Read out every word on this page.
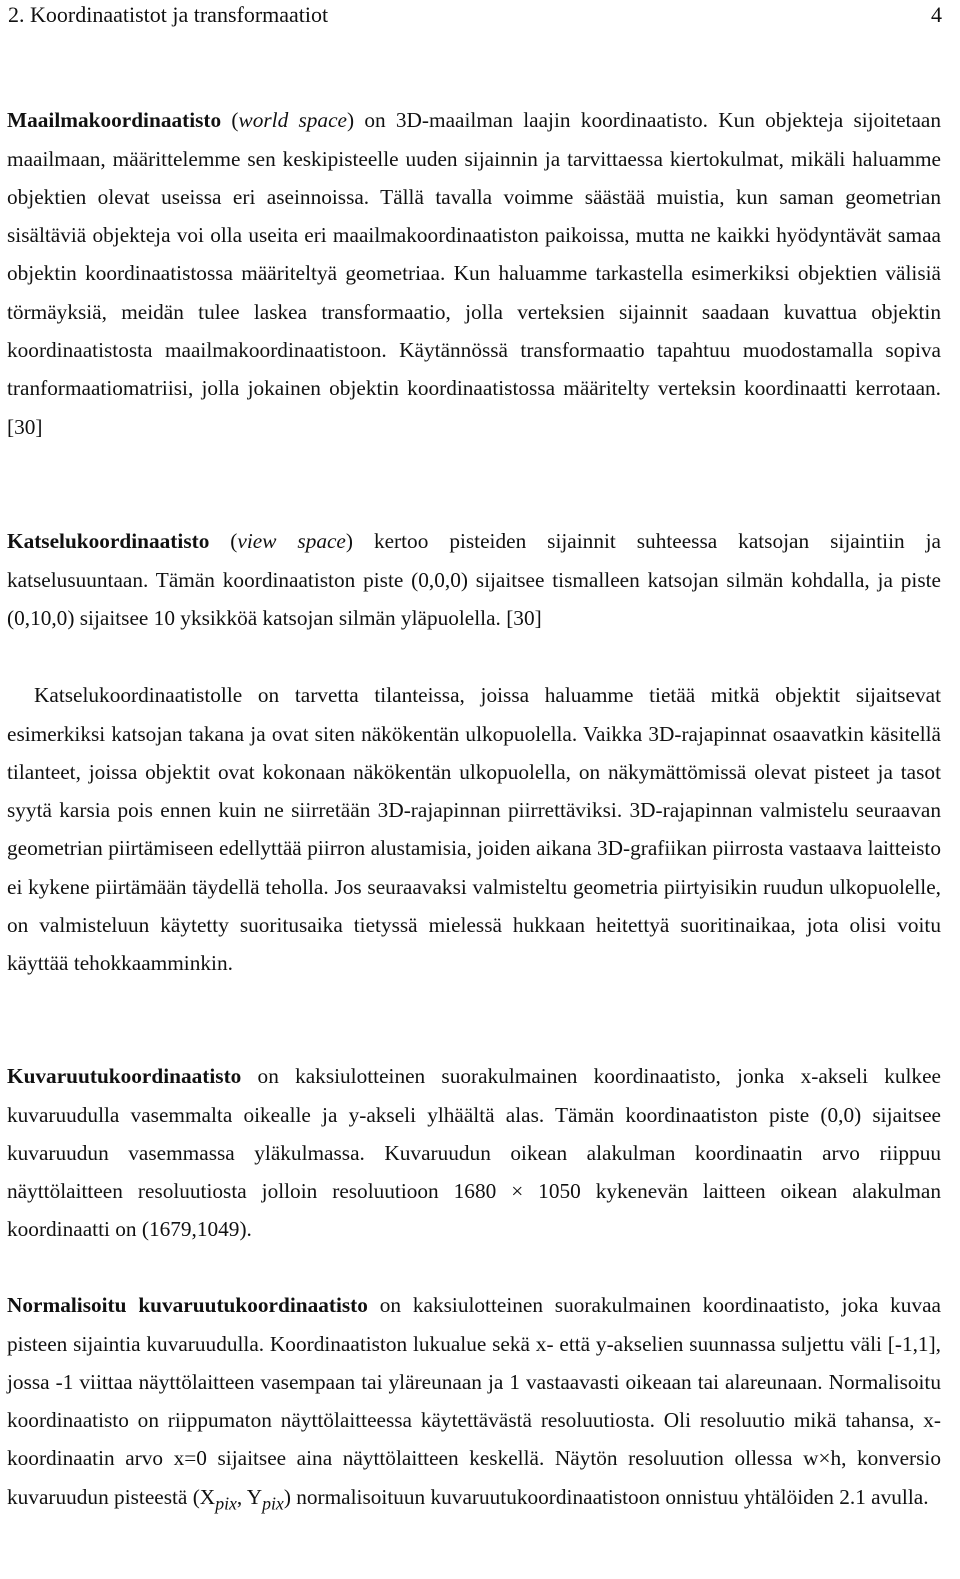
2. Koordinaatistot ja transformaatiot	4

Maailmakoordinaatisto (world space) on 3D-maailman laajin koordinaatisto. Kun objekteja sijoitetaan maailmaan, määrittelemme sen keskipisteelle uuden sijainnin ja tarvittaessa kiertokulmat, mikäli haluamme objektien olevat useissa eri aseinnoissa. Tällä tavalla voimme säästää muistia, kun saman geometrian sisältäviä objekteja voi olla useita eri maailmakoordinaatiston paikoissa, mutta ne kaikki hyödyntävät samaa objektin koordinaatistossa määriteltyä geometriaa. Kun haluamme tarkastella esimerkiksi objektien välisiä törmäyksiä, meidän tulee laskea transformaatio, jolla verteksien sijainnit saadaan kuvattua objektin koordinaatistosta maailmakoordinaatistoon. Käytännössä transformaatio tapahtuu muodostamalla sopiva tranformaatiomatriisi, jolla jokainen objektin koordinaatistossa määritelty verteksin koordinaatti kerrotaan. [30]

Katselukoordinaatisto (view space) kertoo pisteiden sijainnit suhteessa katsojan sijaintiin ja katselusuuntaan. Tämän koordinaatiston piste (0,0,0) sijaitsee tismalleen katsojan silmän kohdalla, ja piste (0,10,0) sijaitsee 10 yksikköä katsojan silmän yläpuolella. [30]

Katselukoordinaatistolle on tarvetta tilanteissa, joissa haluamme tietää mitkä objektit sijaitsevat esimerkiksi katsojan takana ja ovat siten näkökentän ulkopuolella. Vaikka 3D-rajapinnat osaavatkin käsitellä tilanteet, joissa objektit ovat kokonaan näkökentän ulkopuolella, on näkymättömissä olevat pisteet ja tasot syytä karsia pois ennen kuin ne siirretään 3D-rajapinnan piirrettäviksi. 3D-rajapinnan valmistelu seuraavan geometrian piirtämiseen edellyttää piirron alustamisia, joiden aikana 3D-grafiikan piirrosta vastaava laitteisto ei kykene piirtämään täydellä teholla. Jos seuraavaksi valmisteltu geometria piirtyisikin ruudun ulkopuolelle, on valmisteluun käytetty suoritusaika tietyssä mielessä hukkaan heitettyä suoritinaikaa, jota olisi voitu käyttää tehokkaamminkin.

Kuvaruutukoordinaatisto on kaksiulotteinen suorakulmainen koordinaatisto, jonka x-akseli kulkee kuvaruudulla vasemmalta oikealle ja y-akseli ylhäältä alas. Tämän koordinaatiston piste (0,0) sijaitsee kuvaruudun vasemmassa yläkulmassa. Kuvaruudun oikean alakulman koordinaatin arvo riippuu näyttölaitteen resoluutiosta jolloin resoluutioon 1680 × 1050 kykenevän laitteen oikean alakulman koordinaatti on (1679,1049).

Normalisoitu kuvaruutukoordinaatisto on kaksiulotteinen suorakulmainen koordinaatisto, joka kuvaa pisteen sijaintia kuvaruudulla. Koordinaatiston lukualue sekä x- että y-akselien suunnassa suljettu väli [-1,1], jossa -1 viittaa näyttölaitteen vasempaan tai yläreunaan ja 1 vastaavasti oikeaan tai alareunaan. Normalisoitu koordinaatisto on riippumaton näyttölaitteessa käytettävästä resoluutiosta. Oli resoluutio mikä tahansa, x-koordinaatin arvo x=0 sijaitsee aina näyttölaitteen keskellä. Näytön resoluution ollessa w×h, konversio kuvaruudun pisteestä ($X_{pix}$, $Y_{pix}$) normalisoituun kuvaruutukoordinaatistoon onnistuu yhtälöiden 2.1 avulla.
